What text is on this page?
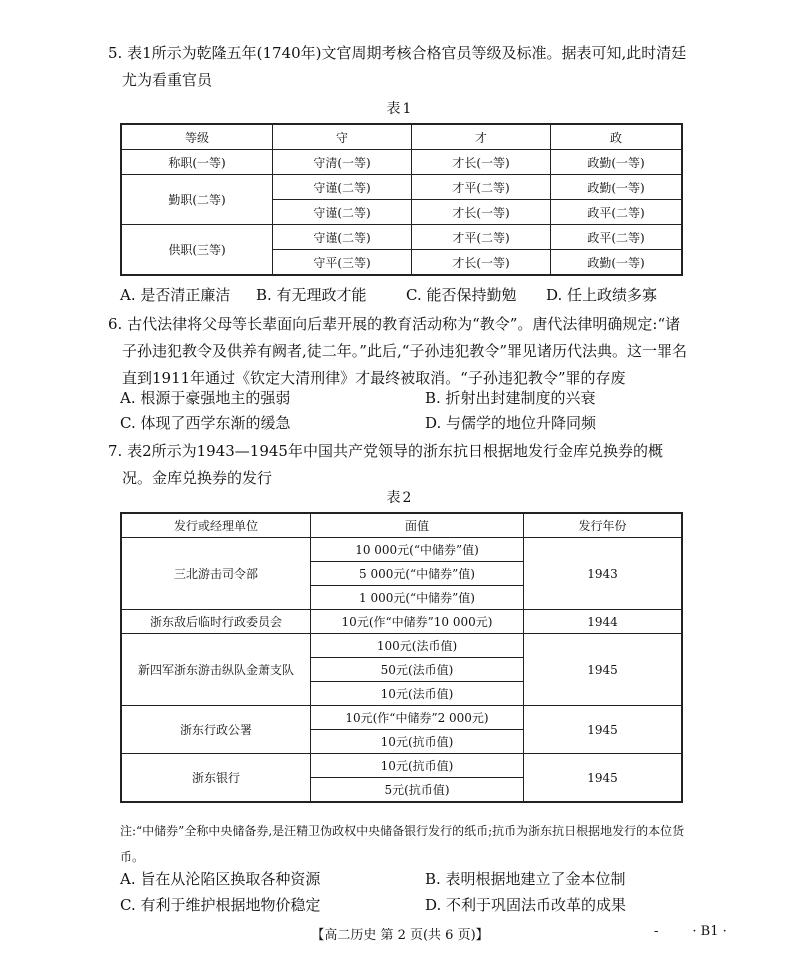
5. 表1所示为乾隆五年(1740年)文官周期考核合格官员等级及标准。据表可知,此时清廷尤为看重官员
表1
等级	守	才	政
称职(一等)	守清(一等)	才长(一等)	政勤(一等)
勤职(二等)	守谨(二等)	才平(二等)	政勤(一等)
	守谨(二等)	才长(一等)	政平(二等)
供职(三等)	守谨(二等)	才平(二等)	政平(二等)
	守平(三等)	才长(一等)	政勤(一等)
A. 是否清正廉洁 B. 有无理政才能	C. 能否保持勤勉 D. 任上政绩多寡
6. 古代法律将父母等长辈面向后辈开展的教育活动称为“教令”。唐代法律明确规定:“诸子孙违犯教令及供养有阙者,徒二年。”此后,“子孙违犯教令”罪见诸历代法典。这一罪名直到1911年通过《钦定大清刑律》才最终被取消。“子孙违犯教令”罪的存废
A. 根源于豪强地主的强弱	B. 折射出封建制度的兴衰
C. 体现了西学东渐的缓急	D. 与儒学的地位升降同频
7. 表2所示为1943—1945年中国共产党领导的浙东抗日根据地发行金库兑换券的概况。金库兑换券的发行
表2
发行或经理单位	面值	发行年份
三北游击司令部	10 000元(“中储券”值)	1943
	5 000元(“中储券”值)	
	1 000元(“中储券”值)	
浙东敌后临时行政委员会	10元(作“中储券”10 000元)	1944
新四军浙东游击纵队金萧支队	100元(法币值)	1945
	50元(法币值)	
	10元(法币值)	
浙东行政公署	10元(作“中储券”2 000元)	1945
	10元(抗币值)	
浙东银行	10元(抗币值)	1945
	5元(抗币值)	
注:“中储券”全称中央储备券,是汪精卫伪政权中央储备银行发行的纸币;抗币为浙东抗日根据地发行的本位货币。
A. 旨在从沦陷区换取各种资源	B. 表明根据地建立了金本位制
C. 有利于维护根据地物价稳定	D. 不利于巩固法币改革的成果
【高二历史 第 2 页(共 6 页)】	-	· B1 ·
